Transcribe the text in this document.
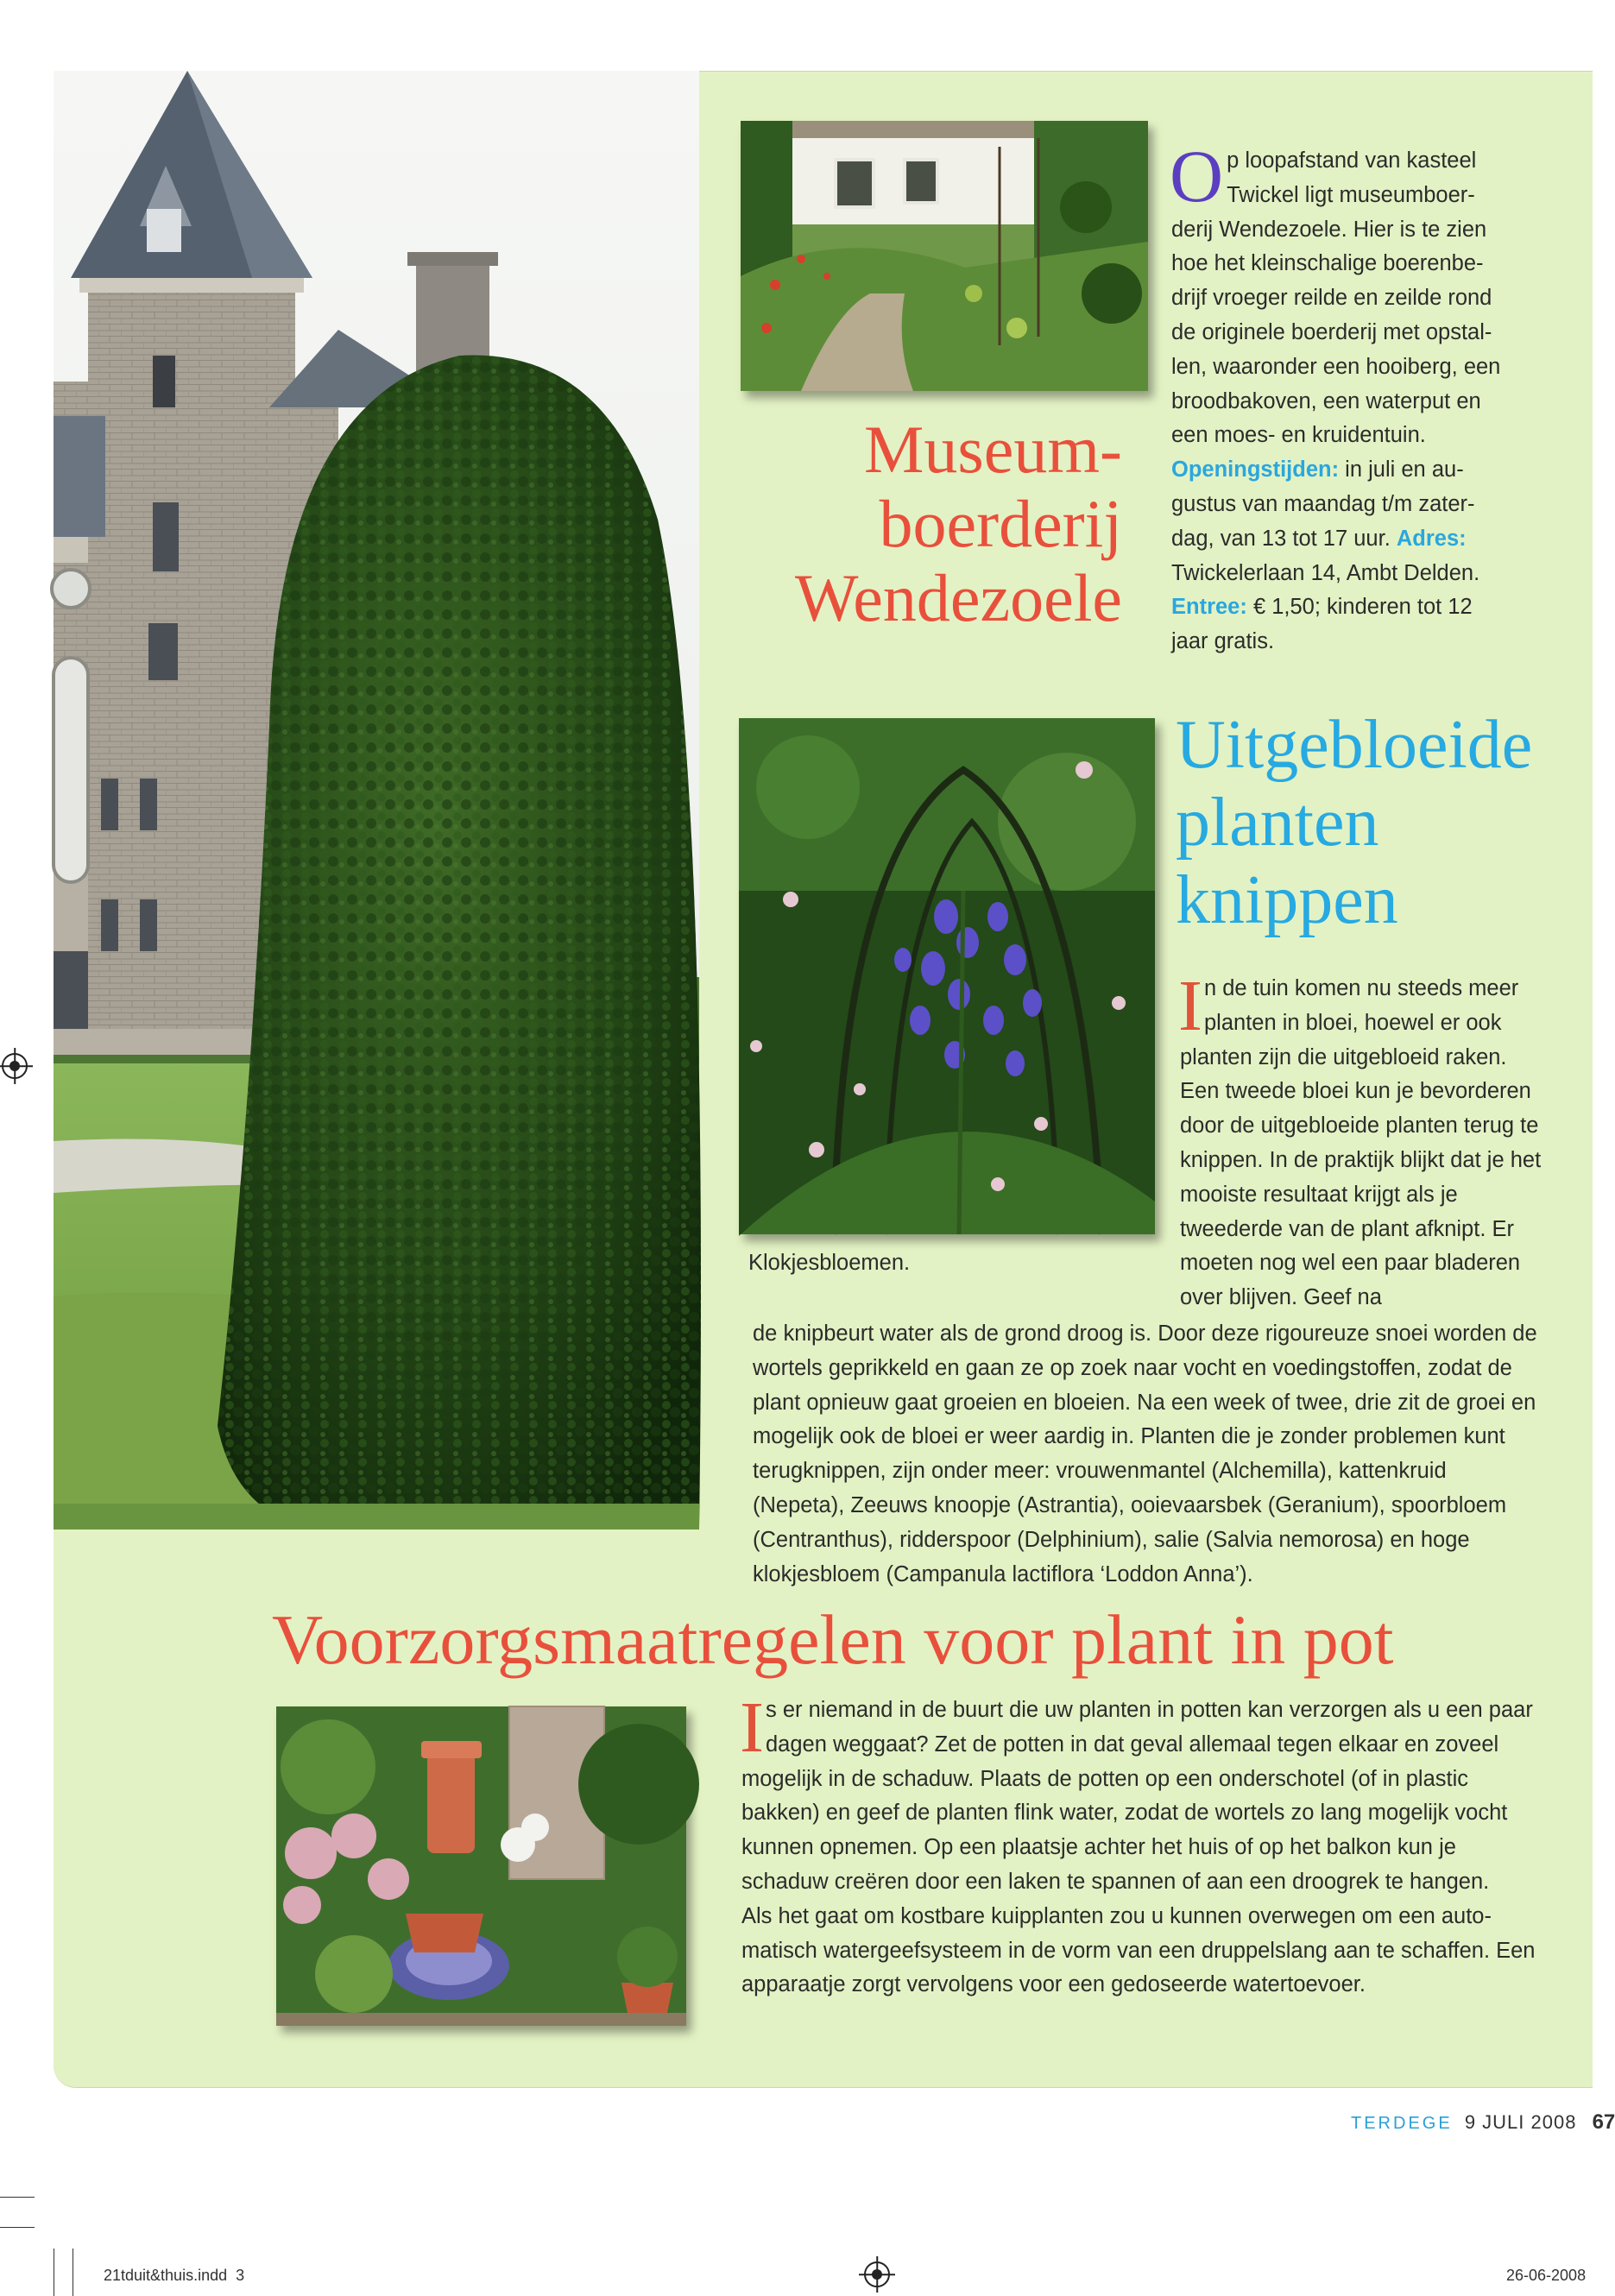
Museum-
boerderij
Wendezoele
Op loopafstand van kasteel Twickel ligt museumboerderij Wendezoele. Hier is te zien hoe het kleinschalige boerenbedrijf vroeger reilde en zeilde rond de originele boerderij met opstallen, waaronder een hooiberg, een broodbakoven, een waterput en een moes- en kruidentuin. Openingstijden: in juli en augustus van maandag t/m zaterdag, van 13 tot 17 uur. Adres: Twickelerlaan 14, Ambt Delden. Entree: € 1,50; kinderen tot 12 jaar gratis.
Uitgebloeide
planten
knippen
In de tuin komen nu steeds meer planten in bloei, hoewel er ook planten zijn die uitgebloeid raken. Een tweede bloei kun je bevorderen door de uitgebloeide planten terug te knippen. In de praktijk blijkt dat je het mooiste resultaat krijgt als je tweederde van de plant afknipt. Er moeten nog wel een paar bladeren over blijven. Geef na
Klokjesbloemen.
de knipbeurt water als de grond droog is. Door deze rigoureuze snoei worden de wortels geprikkeld en gaan ze op zoek naar vocht en voedingstoffen, zodat de plant opnieuw gaat groeien en bloeien. Na een week of twee, drie zit de groei en mogelijk ook de bloei er weer aardig in. Planten die je zonder problemen kunt terugknippen, zijn onder meer: vrouwenmantel (Alchemilla), kattenkruid (Nepeta), Zeeuws knoopje (Astrantia), ooievaarsbek (Geranium), spoorbloem (Centranthus), ridderspoor (Delphinium), salie (Salvia nemorosa) en hoge klokjesbloem (Campanula lactiflora ‘Loddon Anna’).
Voorzorgsmaatregelen voor plant in pot

Is er niemand in de buurt die uw planten in potten kan verzorgen als u een paar dagen weggaat? Zet de potten in dat geval allemaal tegen elkaar en zoveel mogelijk in de schaduw. Plaats de potten op een onderschotel (of in plastic bakken) en geef de planten flink water, zodat de wortels zo lang mogelijk vocht kunnen opnemen. Op een plaatsje achter het huis of op het balkon kun je schaduw creëren door een laken te spannen of aan een droogrek te hangen.

Als het gaat om kostbare kuipplanten zou u kunnen overwegen om een automatisch watergeefsysteem in de vorm van een druppelslang aan te schaffen. Een apparaatje zorgt vervolgens voor een gedoseerde watertoevoer.

TERDEGE 9 JULI 2008 67
21tduit&thuis.indd  3	26-06-2008
